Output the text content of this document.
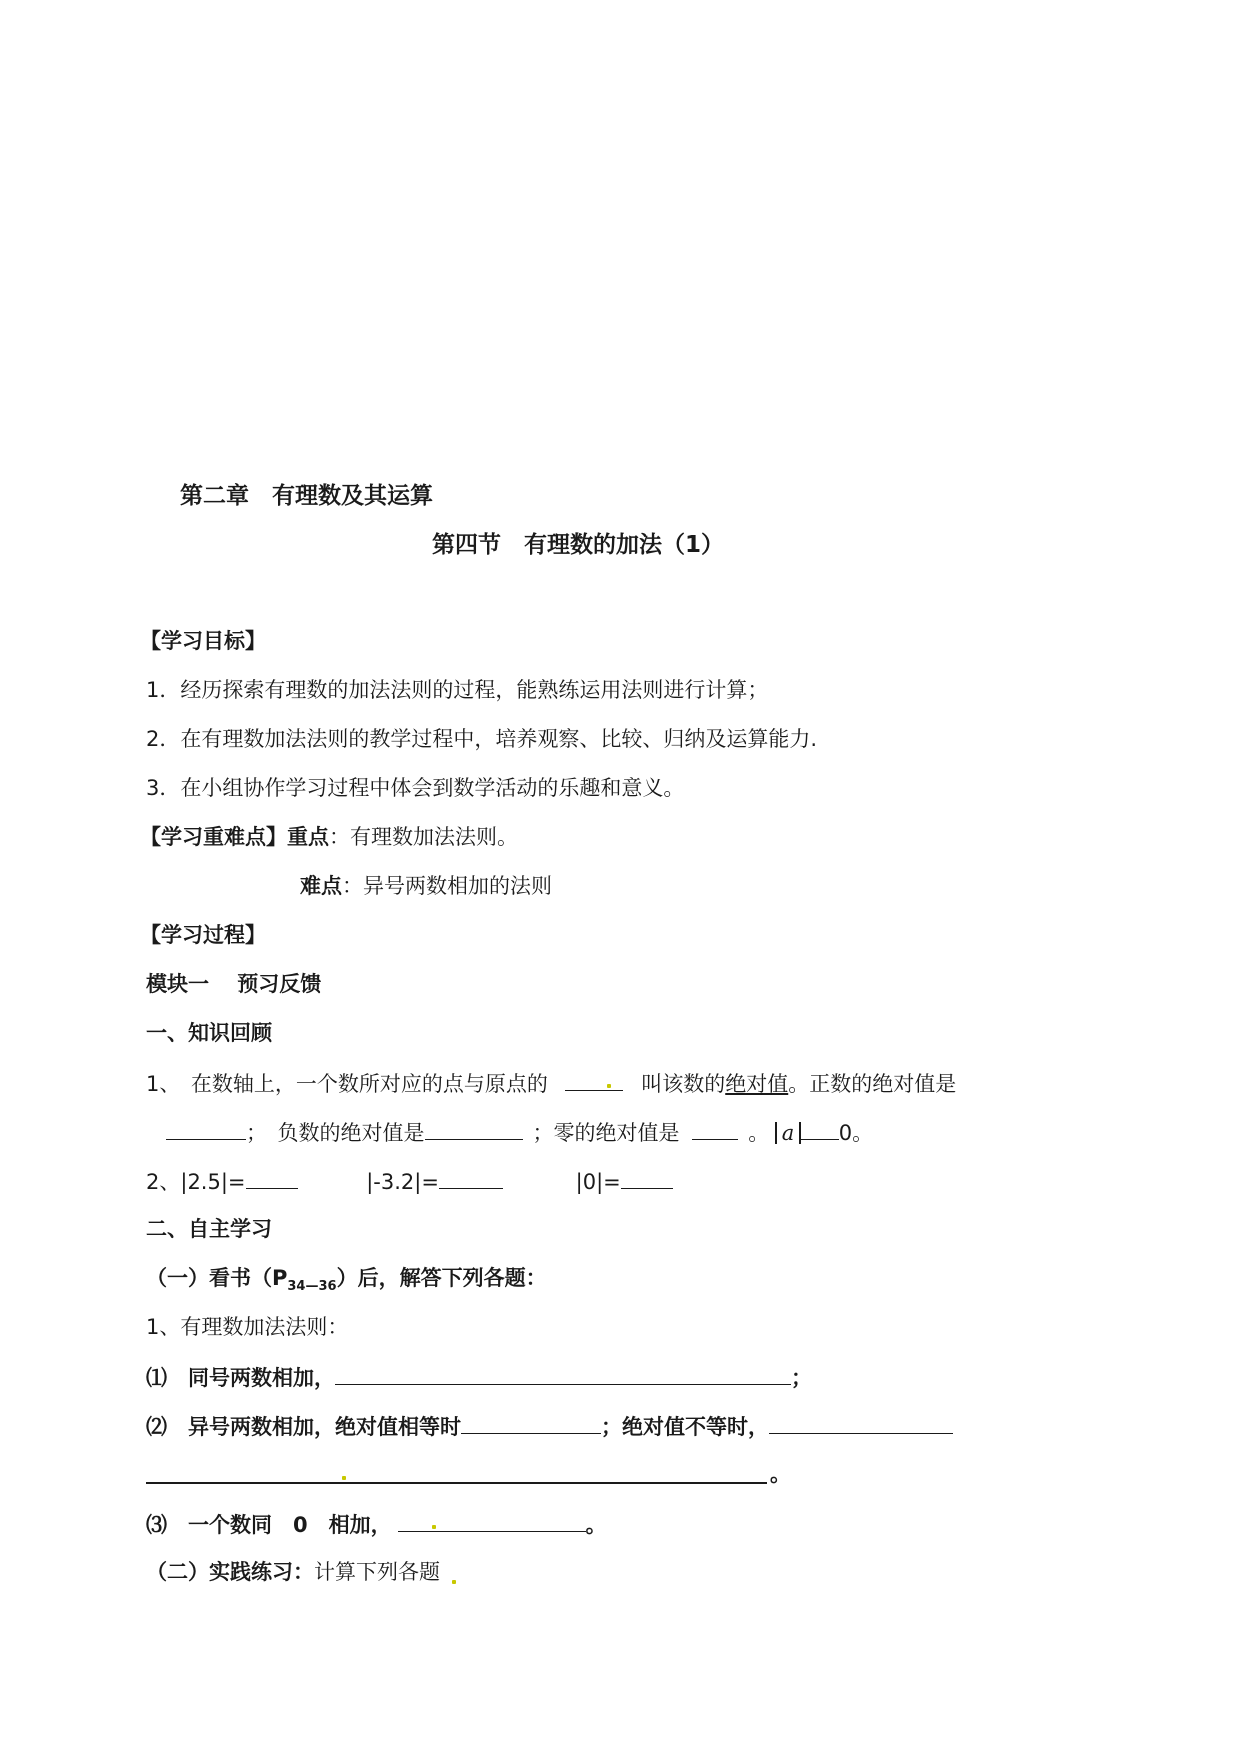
第二章　有理数及其运算
第四节　有理数的加法（1）
【学习目标】
1．经历探索有理数的加法法则的过程，能熟练运用法则进行计算；
2．在有理数加法法则的教学过程中，培养观察、比较、归纳及运算能力.
3．在小组协作学习过程中体会到数学活动的乐趣和意义。
【学习重难点】重点：有理数加法法则。
难点：异号两数相加的法则
【学习过程】
模块一　 预习反馈
一、知识回顾
1、　在数轴上，一个数所对应的点与原点的	叫该数的绝对值。正数的绝对值是
；　负数的绝对值是	；零的绝对值是	。 a 0。
2、|2.5|=	|-3.2|=	|0|=
二、自主学习
（一）看书$(P_{34—36})$后，解答下列各题：
1、有理数加法法则：
⑴　同号两数相加，	；
⑵　异号两数相加，绝对值相等时	；绝对值不等时，
。
⑶　一个数同　0　相加，	。
（二）实践练习：计算下列各题
